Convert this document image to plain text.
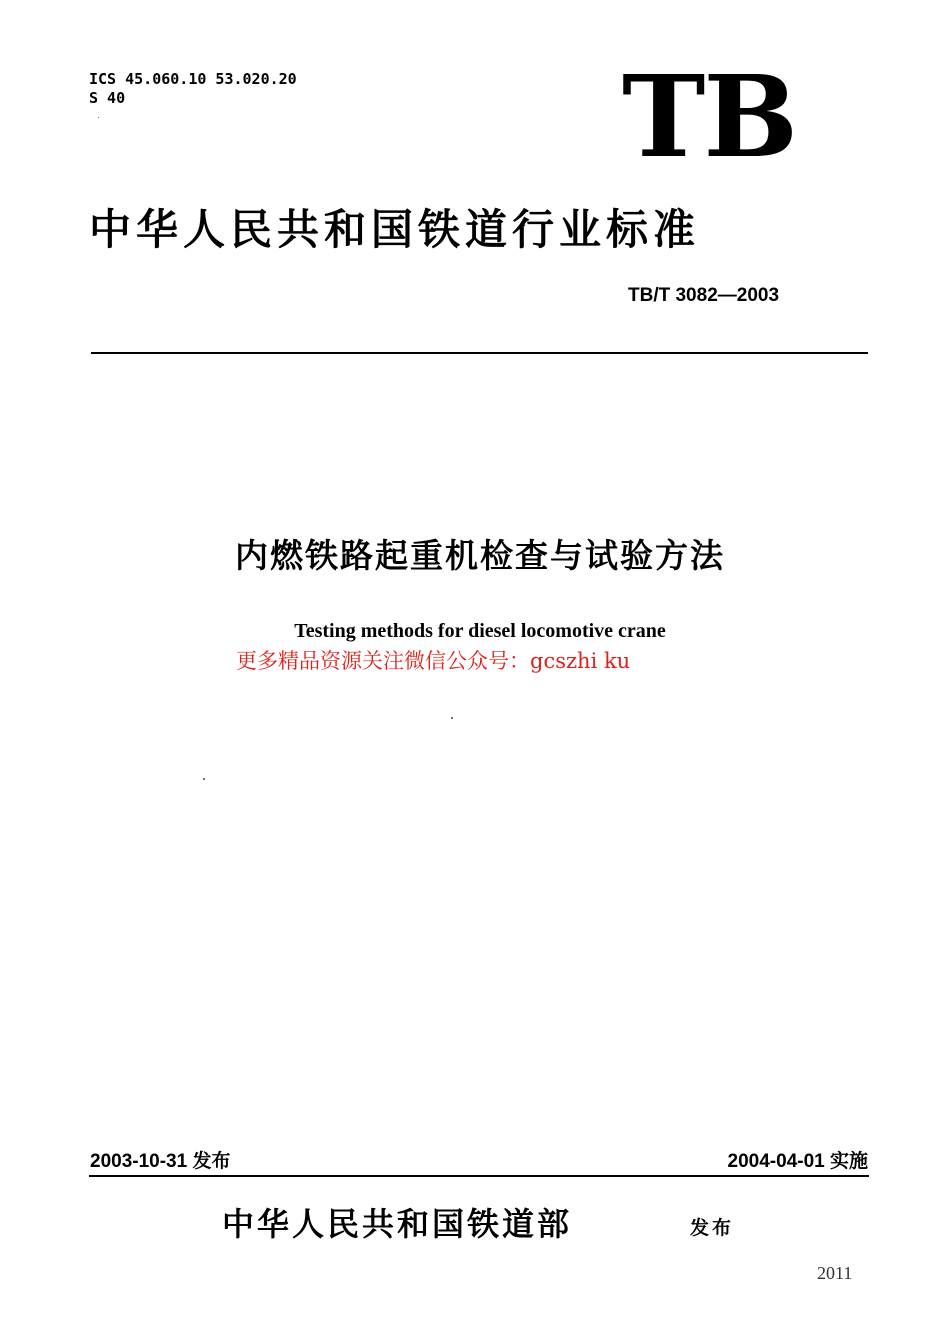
ICS 45.060.10 53.020.20
S 40	TB
中华人民共和国铁道行业标准
TB/T 3082—2003
内燃铁路起重机检查与试验方法
Testing methods for diesel locomotive crane
更多精品资源关注微信公众号：gcszhi ku
2003-10-31 发布	2004-04-01 实施
中华人民共和国铁道部	发布
2011
